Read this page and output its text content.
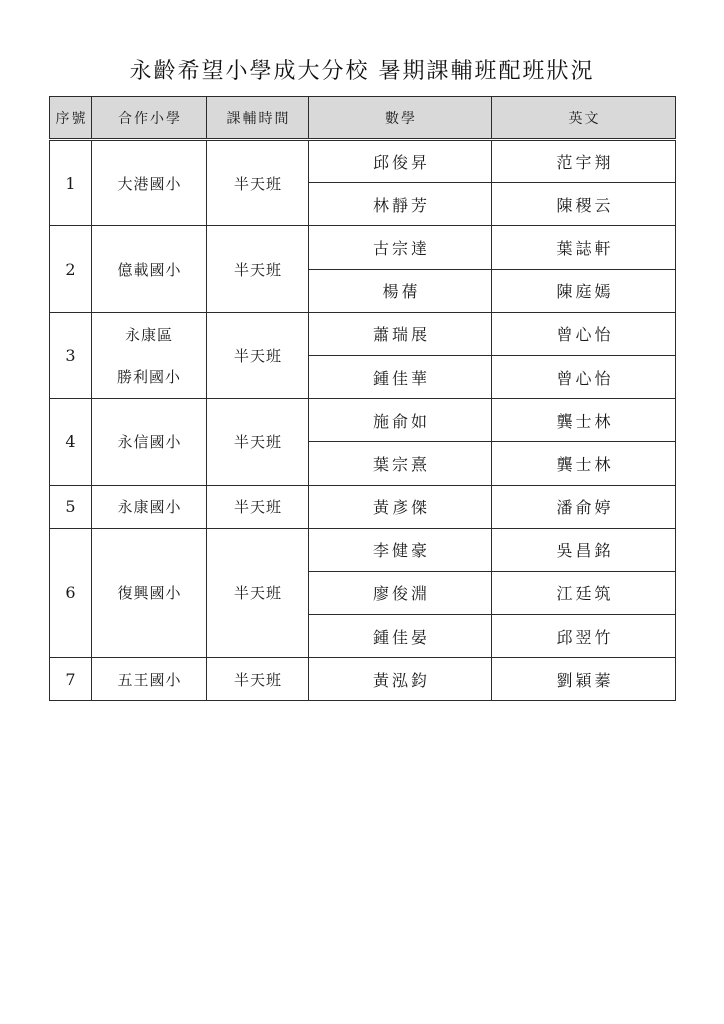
永齡希望小學成大分校 暑期課輔班配班狀況
序號	合作小學	課輔時間	數學	英文
1	大港國小	半天班	邱俊昇	范宇翔
			林靜芳	陳稷云
2	億載國小	半天班	古宗達	葉誌軒
			楊蒨	陳庭嫣
3	永康區
勝利國小	半天班	蕭瑞展	曾心怡
			鍾佳華	曾心怡
4	永信國小	半天班	施俞如	龔士林
			葉宗熹	龔士林
5	永康國小	半天班	黃彥傑	潘俞婷
6	復興國小	半天班	李健豪	吳昌銘
			廖俊淵	江廷筑
			鍾佳晏	邱翌竹
7	五王國小	半天班	黃泓鈞	劉穎蓁
